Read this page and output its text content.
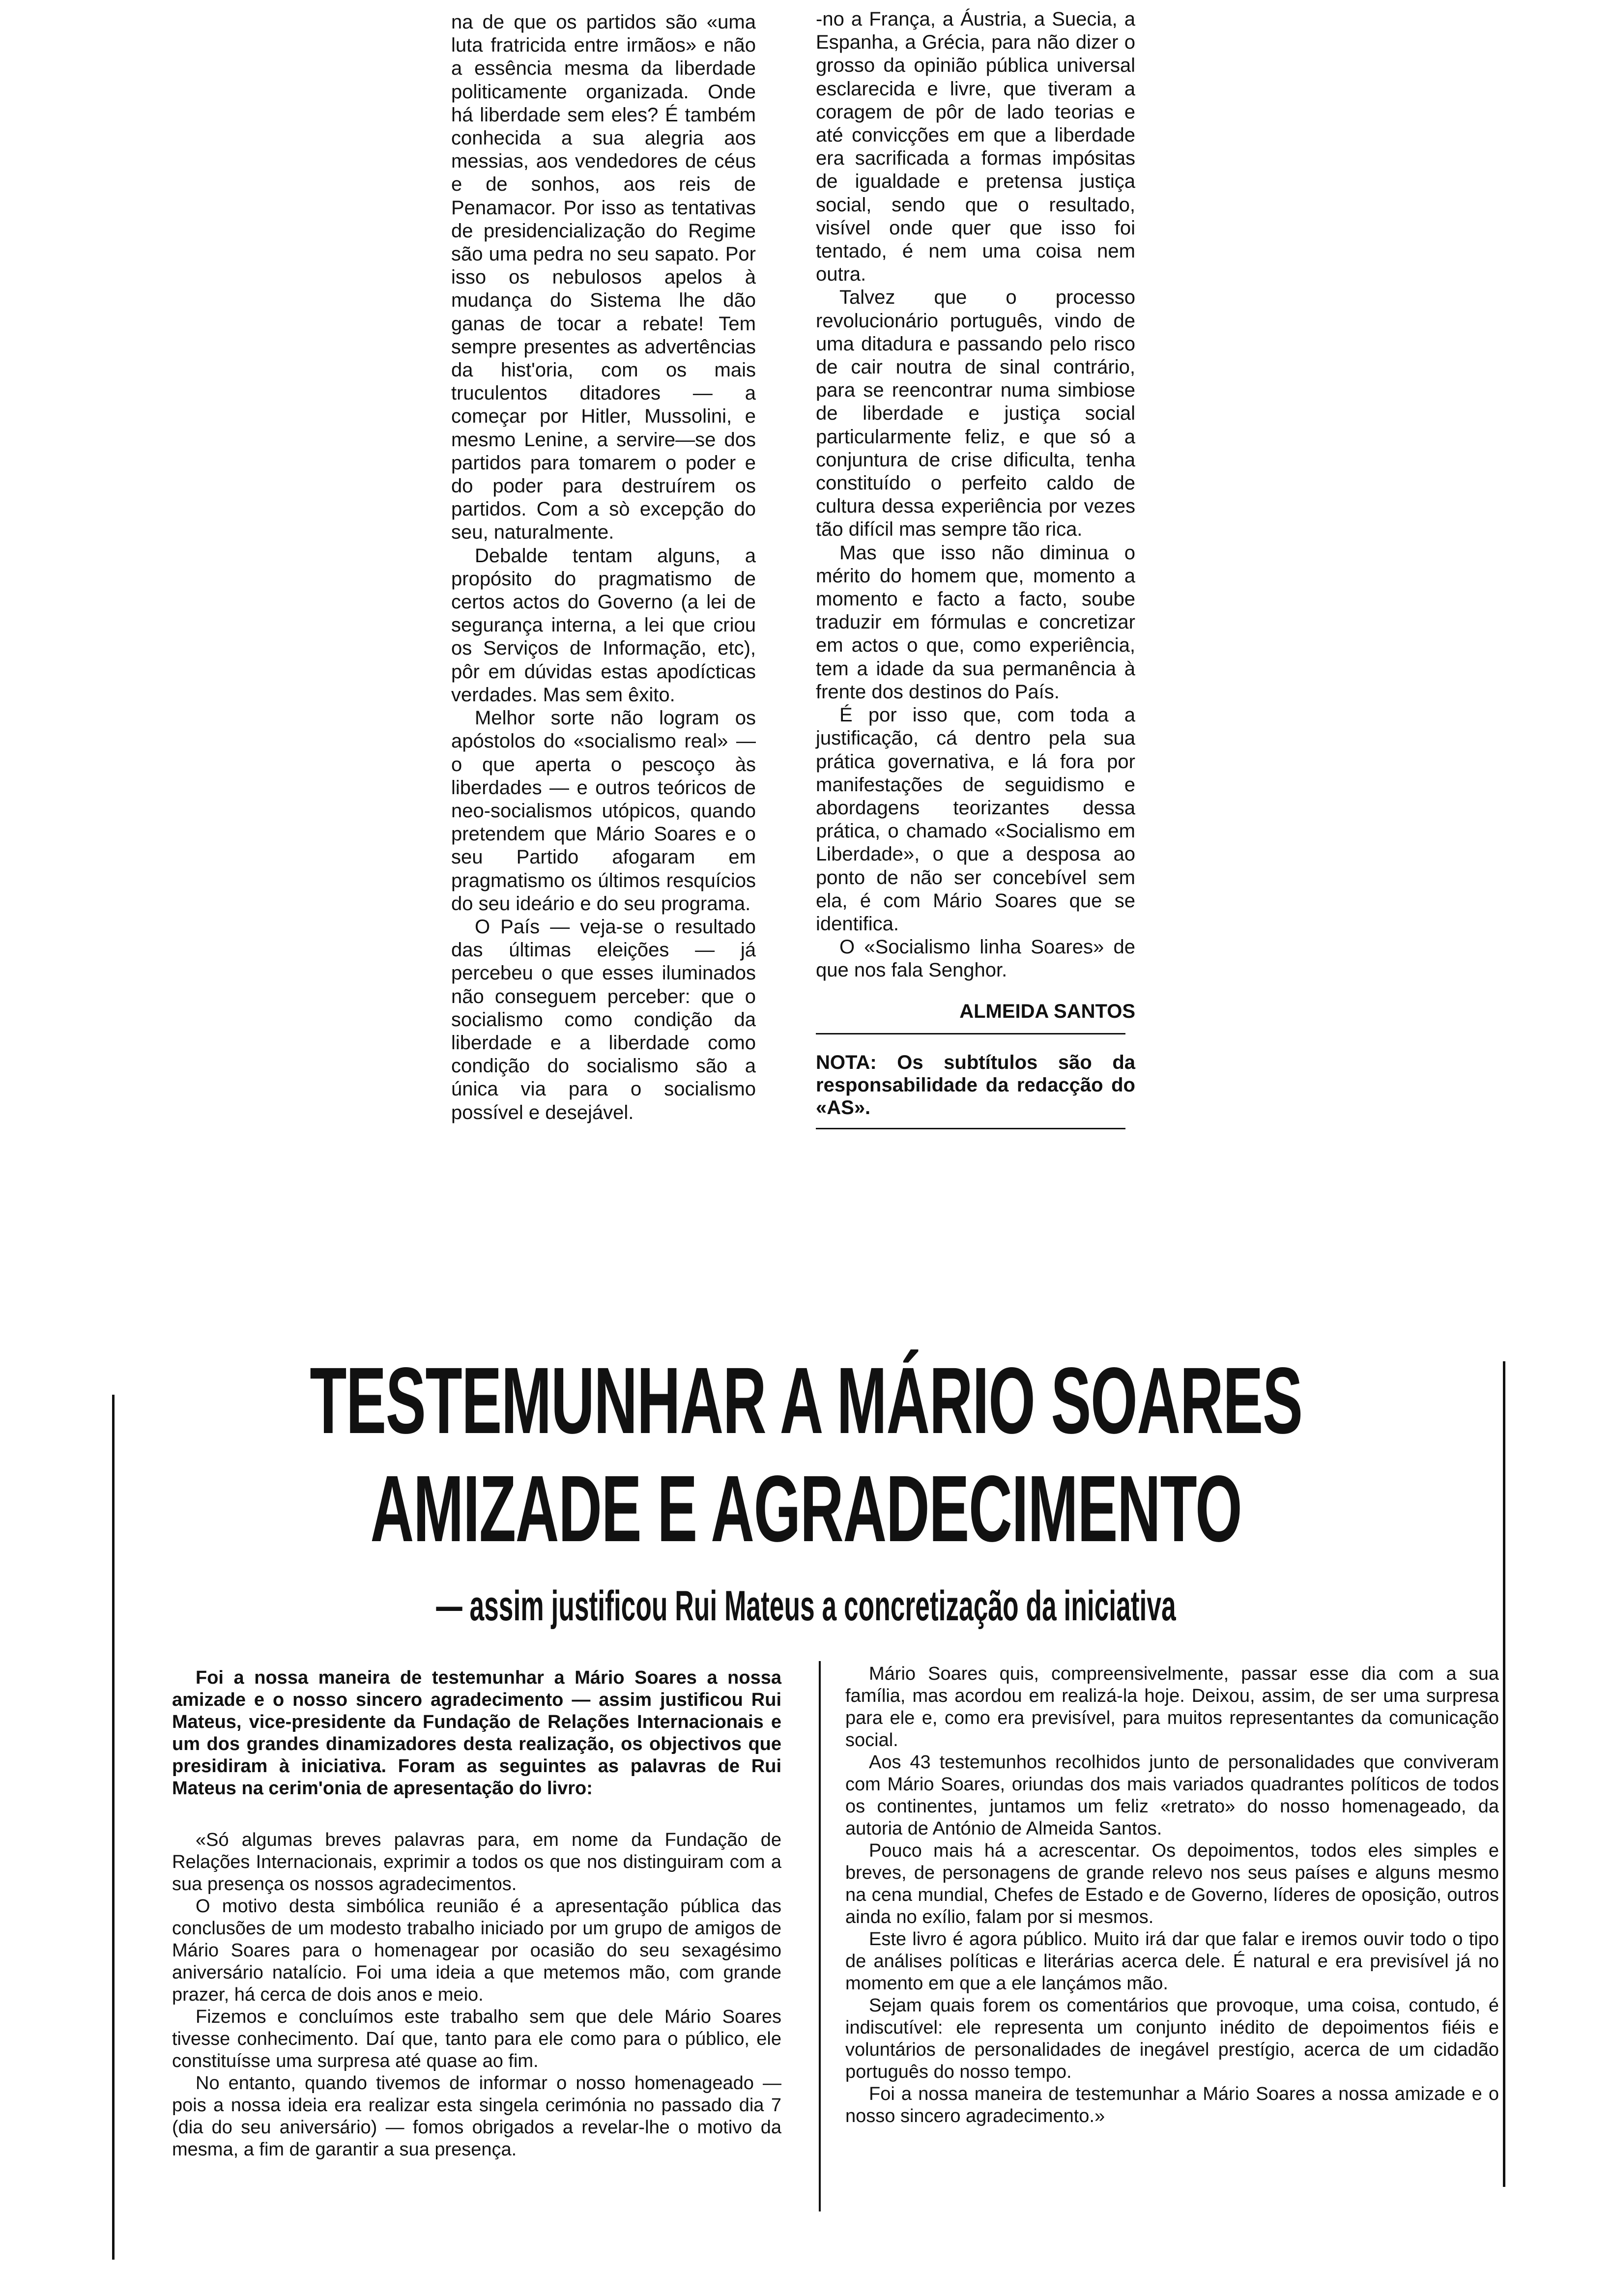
na de que os partidos são «uma luta fratricida entre irmãos» e não a essência mesma da liberdade politicamente organizada. Onde há liberdade sem eles? É também conhecida a sua alegria aos messias, aos vendedores de céus e de sonhos, aos reis de Penamacor. Por isso as tentativas de presidencialização do Regime são uma pedra no seu sapato. Por isso os nebulosos apelos à mudança do Sistema lhe dão ganas de tocar a rebate! Tem sempre presentes as advertências da hist'oria, com os mais truculentos ditadores — a começar por Hitler, Mussolini, e mesmo Lenine, a servire—se dos partidos para tomarem o poder e do poder para destruírem os partidos. Com a sò excepção do seu, naturalmente.

Debalde tentam alguns, a propósito do pragmatismo de certos actos do Governo (a lei de segurança interna, a lei que criou os Serviços de Informação, etc), pôr em dúvidas estas apodícticas verdades. Mas sem êxito.

Melhor sorte não logram os apóstolos do «socialismo real» — o que aperta o pescoço às liberdades — e outros teóricos de neo-socialismos utópicos, quando pretendem que Mário Soares e o seu Partido afogaram em pragmatismo os últimos resquícios do seu ideário e do seu programa.

O País — veja-se o resultado das últimas eleições — já percebeu o que esses iluminados não conseguem perceber: que o socialismo como condição da liberdade e a liberdade como condição do socialismo são a única via para o socialismo possível e desejável.

-no a França, a Áustria, a Suecia, a Espanha, a Grécia, para não dizer o grosso da opinião pública universal esclarecida e livre, que tiveram a coragem de pôr de lado teorias e até convicções em que a liberdade era sacrificada a formas impósitas de igualdade e pretensa justiça social, sendo que o resultado, visível onde quer que isso foi tentado, é nem uma coisa nem outra.

Talvez que o processo revolucionário português, vindo de uma ditadura e passando pelo risco de cair noutra de sinal contrário, para se reencontrar numa simbiose de liberdade e justiça social particularmente feliz, e que só a conjuntura de crise dificulta, tenha constituído o perfeito caldo de cultura dessa experiência por vezes tão difícil mas sempre tão rica.

Mas que isso não diminua o mérito do homem que, momento a momento e facto a facto, soube traduzir em fórmulas e concretizar em actos o que, como experiência, tem a idade da sua permanência à frente dos destinos do País.

É por isso que, com toda a justificação, cá dentro pela sua prática governativa, e lá fora por manifestações de seguidismo e abordagens teorizantes dessa prática, o chamado «Socialismo em Liberdade», o que a desposa ao ponto de não ser concebível sem ela, é com Mário Soares que se identifica.

O «Socialismo linha Soares» de que nos fala Senghor.

ALMEIDA SANTOS

NOTA: Os subtítulos são da responsabilidade da redacção do «AS».

TESTEMUNHAR A MÁRIO SOARES
AMIZADE E AGRADECIMENTO
— assim justificou Rui Mateus a concretização da iniciativa

Foi a nossa maneira de testemunhar a Mário Soares a nossa amizade e o nosso sincero agradecimento — assim justificou Rui Mateus, vice-presidente da Fundação de Relações Internacionais e um dos grandes dinamizadores desta realização, os objectivos que presidiram à iniciativa. Foram as seguintes as palavras de Rui Mateus na cerim'onia de apresentação do livro:

«Só algumas breves palavras para, em nome da Fundação de Relações Internacionais, exprimir a todos os que nos distinguiram com a sua presença os nossos agradecimentos.

O motivo desta simbólica reunião é a apresentação pública das conclusões de um modesto trabalho iniciado por um grupo de amigos de Mário Soares para o homenagear por ocasião do seu sexagésimo aniversário natalício. Foi uma ideia a que metemos mão, com grande prazer, há cerca de dois anos e meio.

Fizemos e concluímos este trabalho sem que dele Mário Soares tivesse conhecimento. Daí que, tanto para ele como para o público, ele constituísse uma surpresa até quase ao fim.

No entanto, quando tivemos de informar o nosso homenageado — pois a nossa ideia era realizar esta singela cerimónia no passado dia 7 (dia do seu aniversário) — fomos obrigados a revelar-lhe o motivo da mesma, a fim de garantir a sua presença.

Mário Soares quis, compreensivelmente, passar esse dia com a sua família, mas acordou em realizá-la hoje. Deixou, assim, de ser uma surpresa para ele e, como era previsível, para muitos representantes da comunicação social.

Aos 43 testemunhos recolhidos junto de personalidades que conviveram com Mário Soares, oriundas dos mais variados quadrantes políticos de todos os continentes, juntamos um feliz «retrato» do nosso homenageado, da autoria de António de Almeida Santos.

Pouco mais há a acrescentar. Os depoimentos, todos eles simples e breves, de personagens de grande relevo nos seus países e alguns mesmo na cena mundial, Chefes de Estado e de Governo, líderes de oposição, outros ainda no exílio, falam por si mesmos.

Este livro é agora público. Muito irá dar que falar e iremos ouvir todo o tipo de análises políticas e literárias acerca dele. É natural e era previsível já no momento em que a ele lançámos mão.

Sejam quais forem os comentários que provoque, uma coisa, contudo, é indiscutível: ele representa um conjunto inédito de depoimentos fiéis e voluntários de personalidades de inegável prestígio, acerca de um cidadão português do nosso tempo.

Foi a nossa maneira de testemunhar a Mário Soares a nossa amizade e o nosso sincero agradecimento.»
